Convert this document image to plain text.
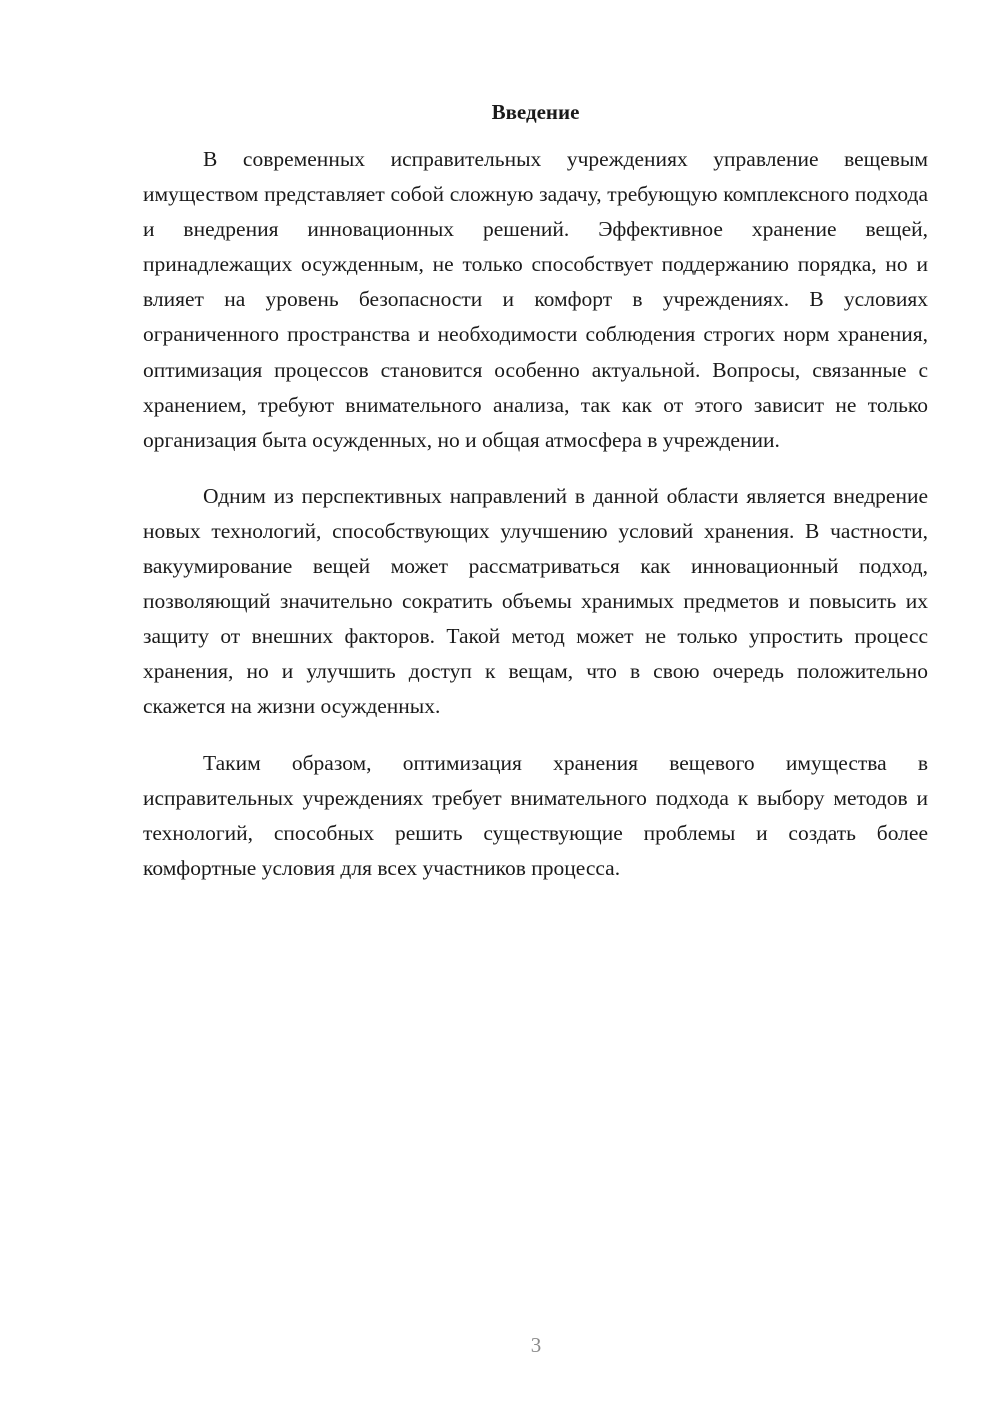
Введение

В современных исправительных учреждениях управление вещевым имуществом представляет собой сложную задачу, требующую комплексного подхода и внедрения инновационных решений. Эффективное хранение вещей, принадлежащих осужденным, не только способствует поддержанию порядка, но и влияет на уровень безопасности и комфорт в учреждениях. В условиях ограниченного пространства и необходимости соблюдения строгих норм хранения, оптимизация процессов становится особенно актуальной. Вопросы, связанные с хранением, требуют внимательного анализа, так как от этого зависит не только организация быта осужденных, но и общая атмосфера в учреждении.

Одним из перспективных направлений в данной области является внедрение новых технологий, способствующих улучшению условий хранения. В частности, вакуумирование вещей может рассматриваться как инновационный подход, позволяющий значительно сократить объемы хранимых предметов и повысить их защиту от внешних факторов. Такой метод может не только упростить процесс хранения, но и улучшить доступ к вещам, что в свою очередь положительно скажется на жизни осужденных.

Таким образом, оптимизация хранения вещевого имущества в исправительных учреждениях требует внимательного подхода к выбору методов и технологий, способных решить существующие проблемы и создать более комфортные условия для всех участников процесса.

3
